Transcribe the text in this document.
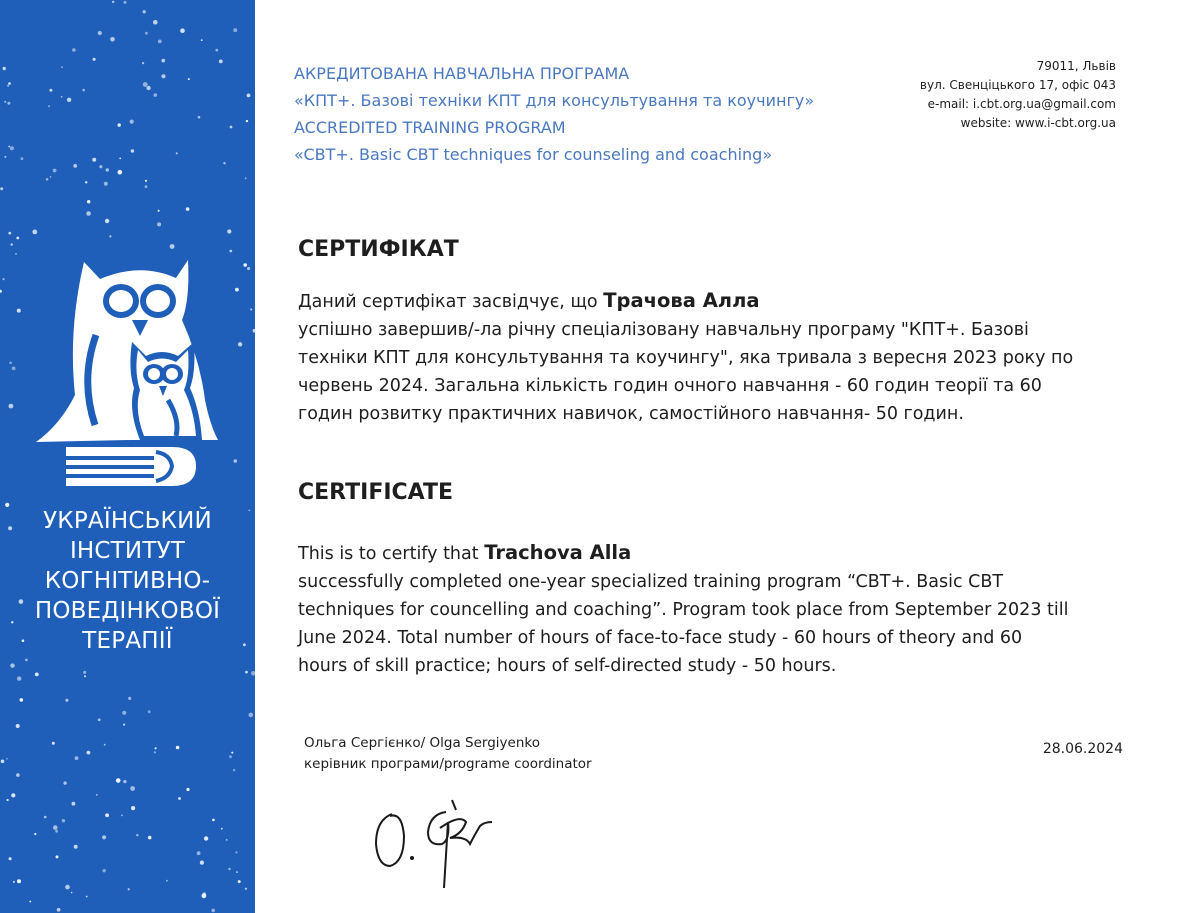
УКРАЇНСЬКИЙ
ІНСТИТУТ
КОГНІТИВНО-
ПОВЕДІНКОВОЇ
ТЕРАПІЇ
АКРЕДИТОВАНА НАВЧАЛЬНА ПРОГРАМА
«КПТ+. Базові техніки КПТ для консультування та коучингу»
ACCREDITED TRAINING PROGRAM
«CBT+. Basic CBT techniques for counseling and coaching»
79011, Львів
вул. Свенціцького 17, офіс 043
e-mail: i.cbt.org.ua@gmail.com
website: www.i-cbt.org.ua
СЕРТИФІКАТ
Даний сертифікат засвідчує, що Трачова Алла
успішно завершив/-ла річну спеціалізовану навчальну програму "КПТ+. Базові
техніки КПТ для консультування та коучингу", яка тривала з вересня 2023 року по
червень 2024. Загальна кількість годин очного навчання - 60 годин теорії та 60
годин розвитку практичних навичок, самостійного навчання- 50 годин.
CERTIFICATE
This is to certify that Trachova Alla
successfully completed one-year specialized training program “CBT+. Basic CBT
techniques for councelling and coaching”. Program took place from September 2023 till
June 2024. Total number of hours of face-to-face study - 60 hours of theory and 60
hours of skill practice; hours of self-directed study - 50 hours.
Ольга Сергієнко/ Olga Sergiyenko
керівник програми/programe coordinator
28.06.2024
